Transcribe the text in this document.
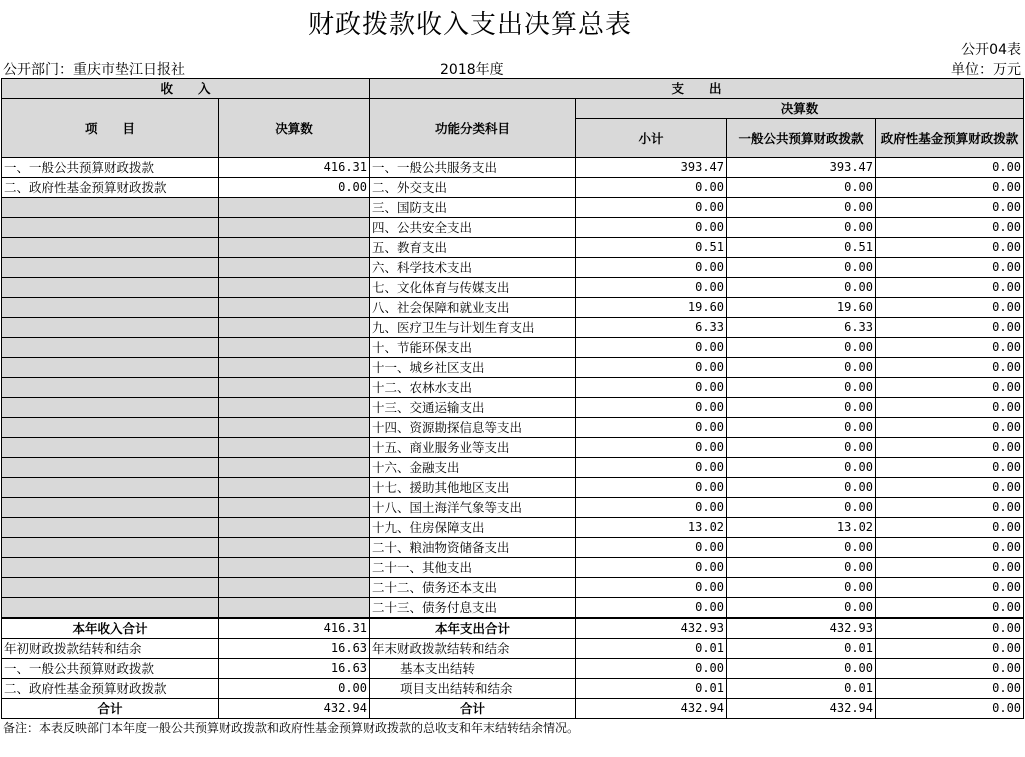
财政拨款收入支出决算总表
公开04表
公开部门：重庆市垫江日报社	2018年度	单位：万元
收　　入		支　　出			
项　　目	决算数	功能分类科目	决算数		
			小计	一般公共预算财政拨款	政府性基金预算财政拨款

一、一般公共预算财政拨款	416.31	一、一般公共服务支出	393.47	393.47	0.00
二、政府性基金预算财政拨款	0.00	二、外交支出	0.00	0.00	0.00
		三、国防支出	0.00	0.00	0.00
		四、公共安全支出	0.00	0.00	0.00
		五、教育支出	0.51	0.51	0.00
		六、科学技术支出	0.00	0.00	0.00
		七、文化体育与传媒支出	0.00	0.00	0.00
		八、社会保障和就业支出	19.60	19.60	0.00
		九、医疗卫生与计划生育支出	6.33	6.33	0.00
		十、节能环保支出	0.00	0.00	0.00
		十一、城乡社区支出	0.00	0.00	0.00
		十二、农林水支出	0.00	0.00	0.00
		十三、交通运输支出	0.00	0.00	0.00
		十四、资源勘探信息等支出	0.00	0.00	0.00
		十五、商业服务业等支出	0.00	0.00	0.00
		十六、金融支出	0.00	0.00	0.00
		十七、援助其他地区支出	0.00	0.00	0.00
		十八、国土海洋气象等支出	0.00	0.00	0.00
		十九、住房保障支出	13.02	13.02	0.00
		二十、粮油物资储备支出	0.00	0.00	0.00
		二十一、其他支出	0.00	0.00	0.00
		二十二、债务还本支出	0.00	0.00	0.00
		二十三、债务付息支出	0.00	0.00	0.00
本年收入合计	416.31	本年支出合计	432.93	432.93	0.00
年初财政拨款结转和结余	16.63	年末财政拨款结转和结余	0.01	0.01	0.00
一、一般公共预算财政拨款	16.63	基本支出结转	0.00	0.00	0.00
二、政府性基金预算财政拨款	0.00	项目支出结转和结余	0.01	0.01	0.00
合计	432.94	合计	432.94	432.94	0.00
备注：本表反映部门本年度一般公共预算财政拨款和政府性基金预算财政拨款的总收支和年末结转结余情况。
